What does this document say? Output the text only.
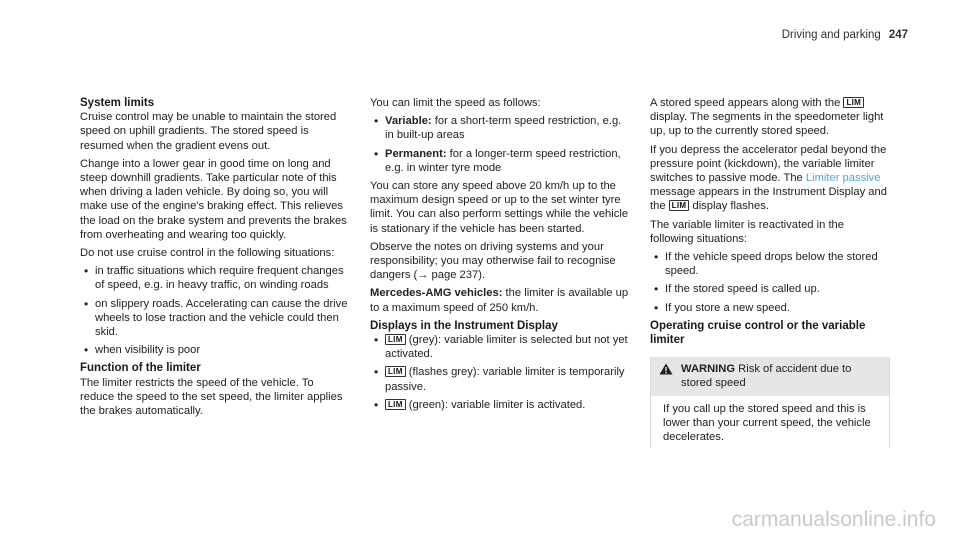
Driving and parking 247
System limits

Cruise control may be unable to maintain the stored speed on uphill gradients. The stored speed is resumed when the gradient evens out.

Change into a lower gear in good time on long and steep downhill gradients. Take particular note of this when driving a laden vehicle. By doing so, you will make use of the engine's braking effect. This relieves the load on the brake system and prevents the brakes from overheating and wearing too quickly.

Do not use cruise control in the following situations:

• in traffic situations which require frequent changes of speed, e.g. in heavy traffic, on winding roads
• on slippery roads. Accelerating can cause the drive wheels to lose traction and the vehicle could then skid.
• when visibility is poor
Function of the limiter

The limiter restricts the speed of the vehicle. To reduce the speed to the set speed, the limiter applies the brakes automatically.

You can limit the speed as follows:

• Variable: for a short-term speed restriction, e.g. in built-up areas
• Permanent: for a longer-term speed restriction, e.g. in winter tyre mode

You can store any speed above 20 km/h up to the maximum design speed or up to the set winter tyre limit. You can also perform settings while the vehicle is stationary if the vehicle has been started.

Observe the notes on driving systems and your responsibility; you may otherwise fail to recognise dangers (→ page 237).

Mercedes-AMG vehicles: the limiter is available up to a maximum speed of 250 km/h.

Displays in the Instrument Display
• LIM (grey): variable limiter is selected but not yet activated.
• LIM (flashes grey): variable limiter is temporarily passive.
• LIM (green): variable limiter is activated.

A stored speed appears along with the LIM display. The segments in the speedometer light up, up to the currently stored speed.

If you depress the accelerator pedal beyond the pressure point (kickdown), the variable limiter switches to passive mode. The Limiter passive message appears in the Instrument Display and the LIM display flashes.

The variable limiter is reactivated in the following situations:

• If the vehicle speed drops below the stored speed.
• If the stored speed is called up.
• If you store a new speed.
Operating cruise control or the variable limiter
WARNING Risk of accident due to stored speed
If you call up the stored speed and this is lower than your current speed, the vehicle decelerates.
carmanualsonline.info
